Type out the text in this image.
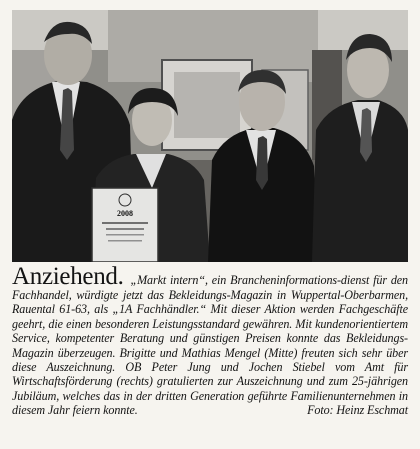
2008
Anziehend. „Markt intern“, ein Brancheninformations-dienst für den Fachhandel, würdigte jetzt das Bekleidungs-Magazin in Wuppertal-Oberbarmen, Rauental 61-63, als „1A Fachhändler.“ Mit dieser Aktion werden Fachgeschäfte geehrt, die einen besonderen Leistungsstandard gewähren. Mit kundenorientiertem Service, kompetenter Beratung und günstigen Preisen konnte das Bekleidungs-Magazin überzeugen. Brigitte und Mathias Mengel (Mitte) freuten sich sehr über diese Auszeichnung. OB Peter Jung und Jochen Stiebel vom Amt für Wirtschaftsförderung (rechts) gratulierten zur Auszeichnung und zum 25-jährigen Jubiläum, welches das in der dritten Generation geführte Familienunternehmen in diesem Jahr feiern konnte.	Foto: Heinz Eschmat
